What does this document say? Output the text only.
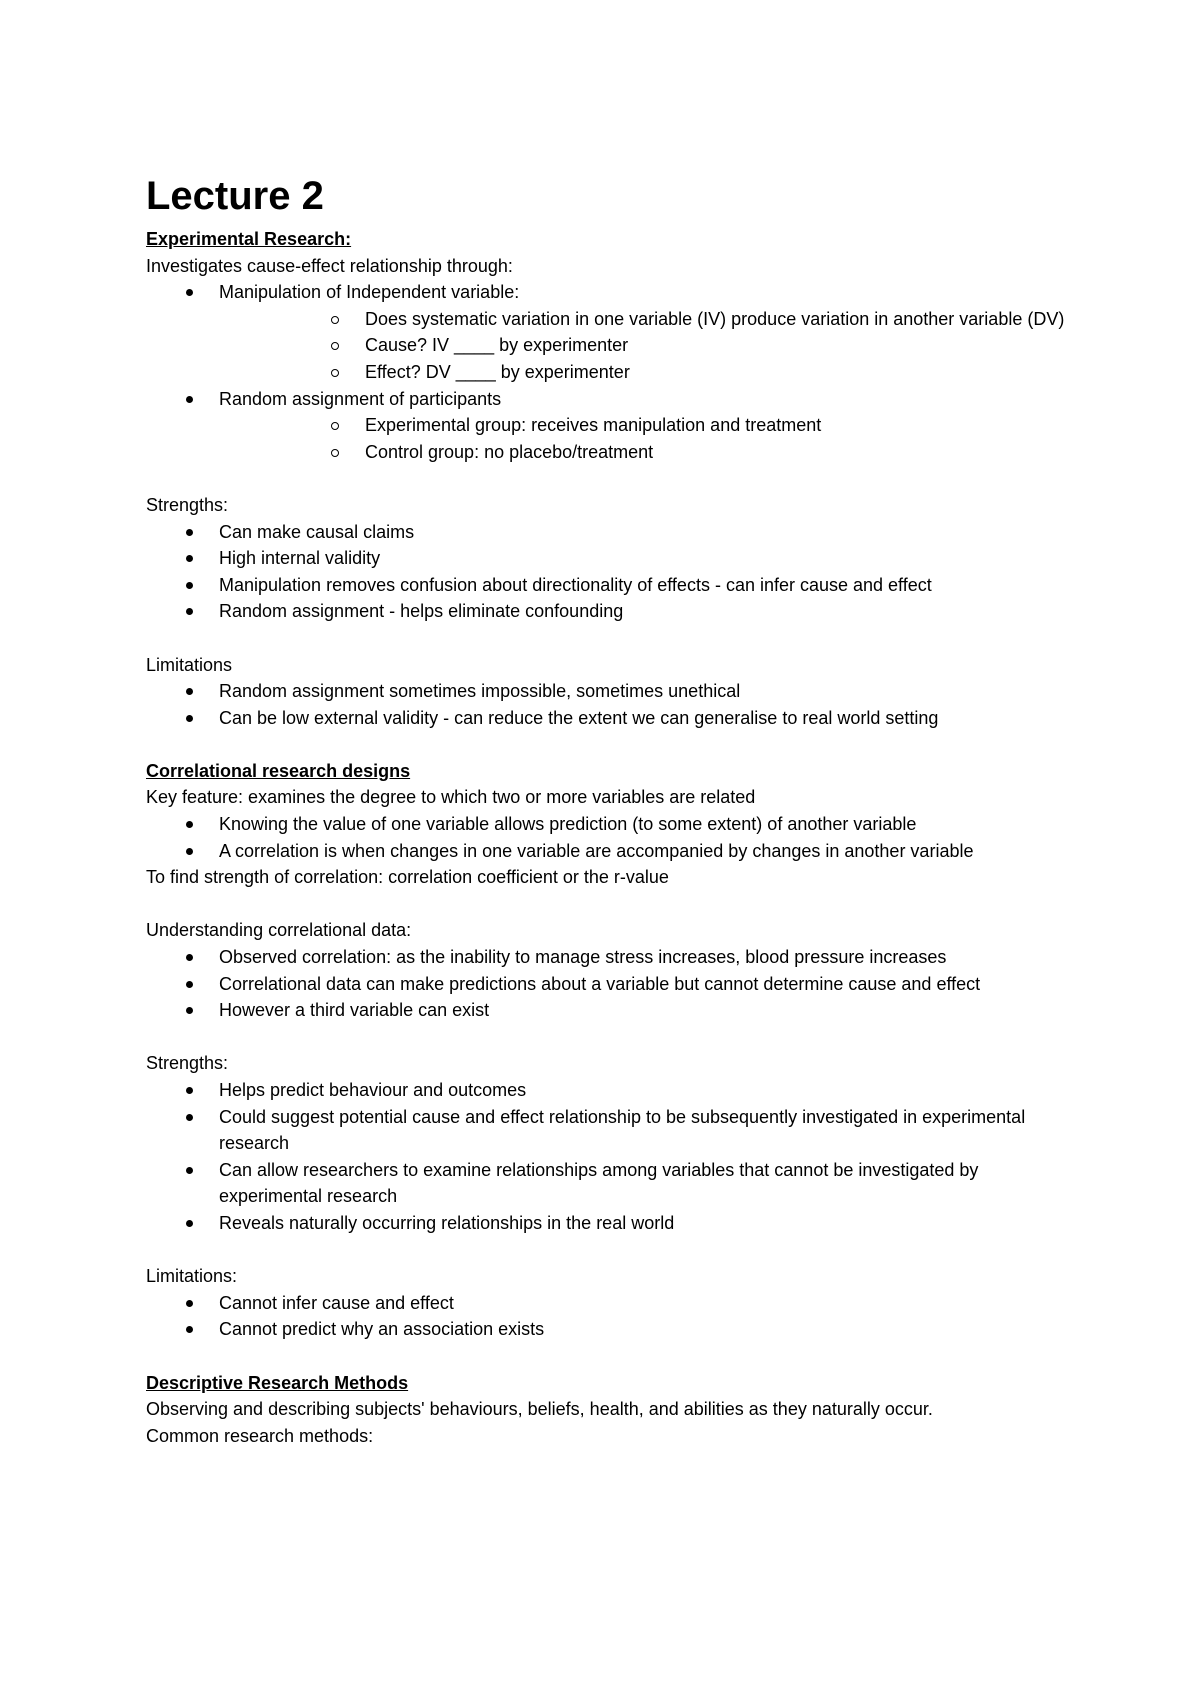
Lecture 2

Experimental Research:

Investigates cause-effect relationship through:

Manipulation of Independent variable:
Does systematic variation in one variable (IV) produce variation in another variable (DV)
Cause? IV ____ by experimenter
Effect? DV ____ by experimenter
Random assignment of participants
Experimental group: receives manipulation and treatment
Control group: no placebo/treatment

Strengths:

Can make causal claims
High internal validity
Manipulation removes confusion about directionality of effects - can infer cause and effect
Random assignment - helps eliminate confounding

Limitations

Random assignment sometimes impossible, sometimes unethical
Can be low external validity - can reduce the extent we can generalise to real world setting

Correlational research designs

Key feature: examines the degree to which two or more variables are related

Knowing the value of one variable allows prediction (to some extent) of another variable
A correlation is when changes in one variable are accompanied by changes in another variable

To find strength of correlation: correlation coefficient or the r-value

Understanding correlational data:

Observed correlation: as the inability to manage stress increases, blood pressure increases
Correlational data can make predictions about a variable but cannot determine cause and effect
However a third variable can exist

Strengths:

Helps predict behaviour and outcomes
Could suggest potential cause and effect relationship to be subsequently investigated in experimental research
Can allow researchers to examine relationships among variables that cannot be investigated by experimental research
Reveals naturally occurring relationships in the real world

Limitations:

Cannot infer cause and effect
Cannot predict why an association exists

Descriptive Research Methods

Observing and describing subjects' behaviours, beliefs, health, and abilities as they naturally occur.

Common research methods:
